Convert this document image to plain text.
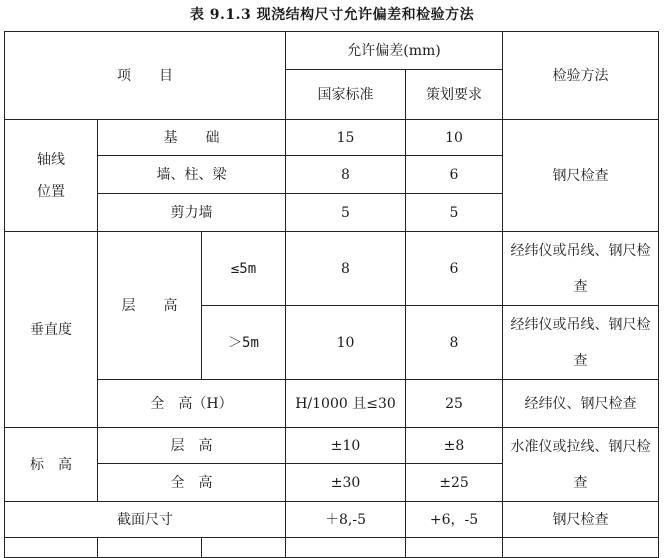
表 9.1.3 现浇结构尺寸允许偏差和检验方法
项　　目			允许偏差(mm)		检验方法
			国家标准	策划要求	
轴线位置	基　　础		15	10	钢尺检查
	墙、柱、梁		8	6	
	剪力墙		5	5	
垂直度	层　　高	≤5m	8	6	经纬仪或吊线、钢尺检查
		＞5m	10	8	经纬仪或吊线、钢尺检查
	全　高（H）		H/1000 且≤30	25	经纬仪、钢尺检查
标　高	层　高		±10	±8	水准仪或拉线、钢尺检查
	全　高		±30	±25	
截面尺寸			＋8,-5	+6，-5	钢尺检查
